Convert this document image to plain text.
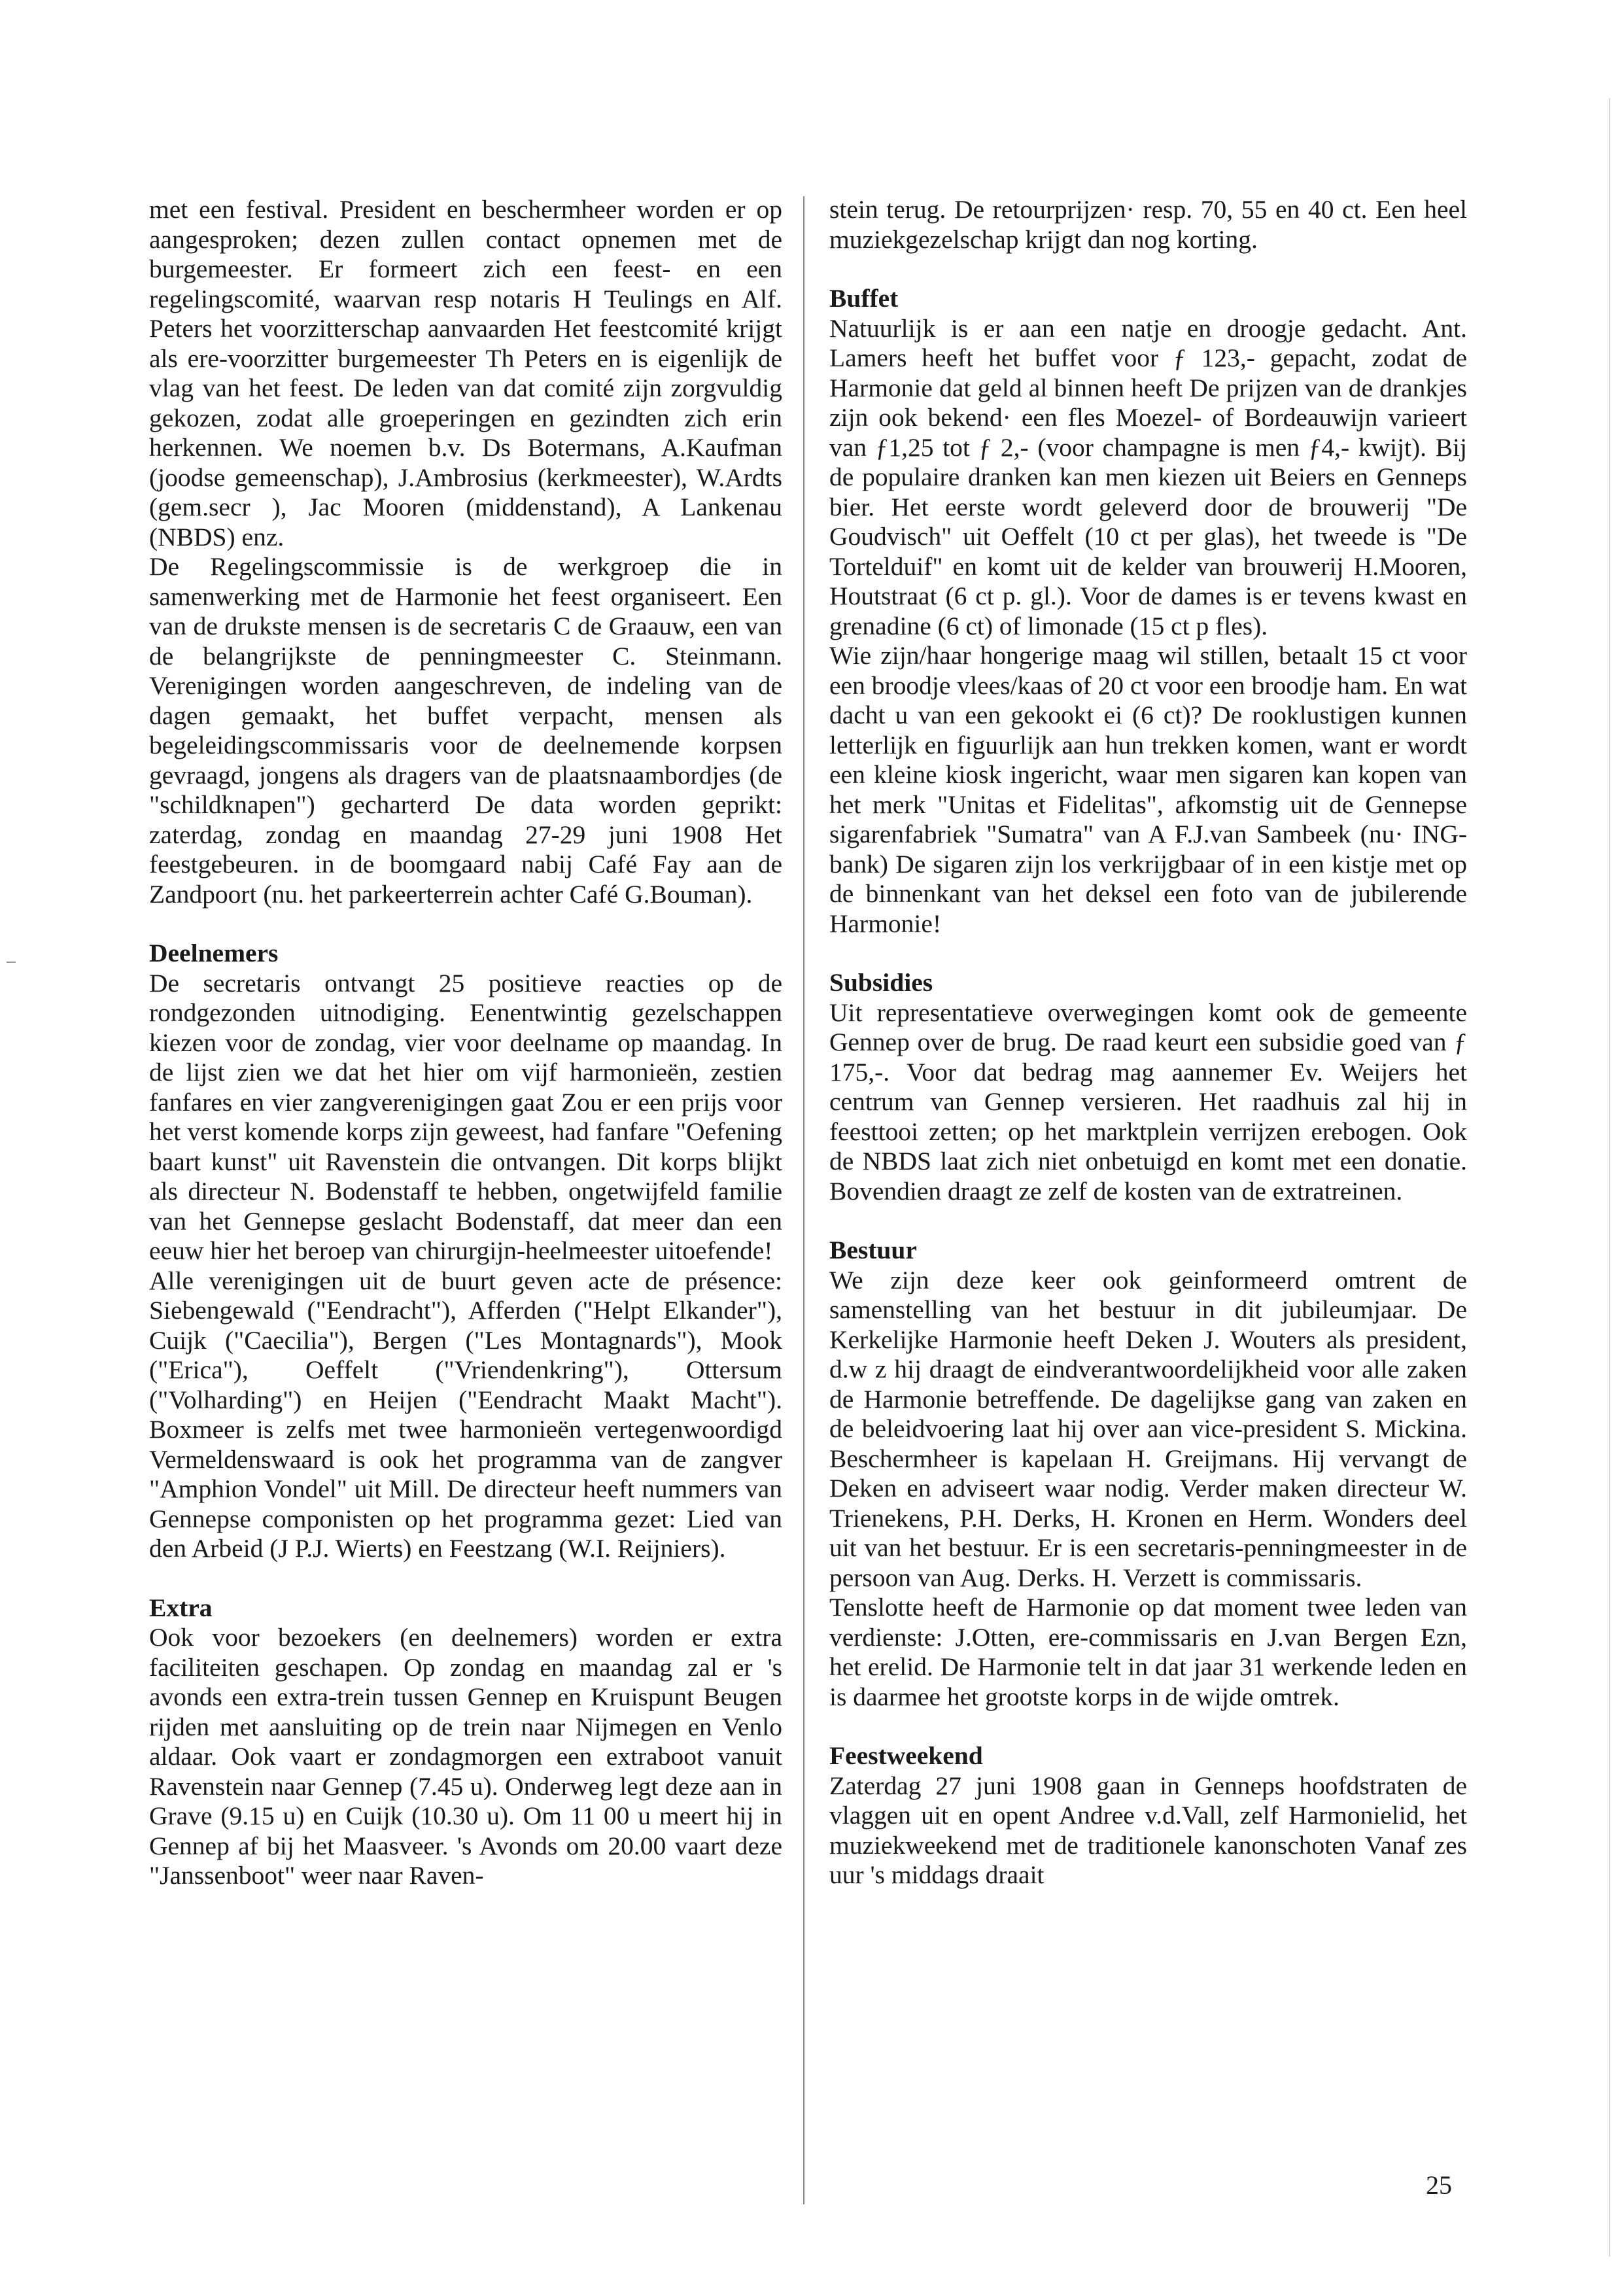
met een festival. President en beschermheer worden er op aangesproken; dezen zullen contact opnemen met de burgemeester. Er formeert zich een feest- en een regelingscomité, waarvan resp notaris H Teulings en Alf. Peters het voorzitterschap aanvaarden Het feestcomité krijgt als ere-voorzitter burgemeester Th Peters en is eigenlijk de vlag van het feest. De leden van dat comité zijn zorgvuldig gekozen, zodat alle groeperingen en gezindten zich erin herkennen. We noemen b.v. Ds Botermans, A.Kaufman (joodse gemeenschap), J.Ambrosius (kerkmeester), W.Ardts (gem.secr ), Jac Mooren (middenstand), A Lankenau (NBDS) enz.

De Regelingscommissie is de werkgroep die in samenwerking met de Harmonie het feest organiseert. Een van de drukste mensen is de secretaris C de Graauw, een van de belangrijkste de penningmeester C. Steinmann. Verenigingen worden aangeschreven, de indeling van de dagen gemaakt, het buffet verpacht, mensen als begeleidingscommissaris voor de deelnemende korpsen gevraagd, jongens als dragers van de plaatsnaambordjes (de "schildknapen") gecharterd De data worden geprikt: zaterdag, zondag en maandag 27-29 juni 1908 Het feestgebeuren. in de boomgaard nabij Café Fay aan de Zandpoort (nu. het parkeerterrein achter Café G.Bouman).

Deelnemers

De secretaris ontvangt 25 positieve reacties op de rondgezonden uitnodiging. Eenentwintig gezelschappen kiezen voor de zondag, vier voor deelname op maandag. In de lijst zien we dat het hier om vijf harmonieën, zestien fanfares en vier zangverenigingen gaat Zou er een prijs voor het verst komende korps zijn geweest, had fanfare "Oefening baart kunst" uit Ravenstein die ontvangen. Dit korps blijkt als directeur N. Bodenstaff te hebben, ongetwijfeld familie van het Gennepse geslacht Bodenstaff, dat meer dan een eeuw hier het beroep van chirurgijn-heelmeester uitoefende!

Alle verenigingen uit de buurt geven acte de présence: Siebengewald ("Eendracht"), Afferden ("Helpt Elkander"), Cuijk ("Caecilia"), Bergen ("Les Montagnards"), Mook ("Erica"), Oeffelt ("Vriendenkring"), Ottersum ("Volharding") en Heijen ("Eendracht Maakt Macht"). Boxmeer is zelfs met twee harmonieën vertegenwoordigd Vermeldenswaard is ook het programma van de zangver "Amphion Vondel" uit Mill. De directeur heeft nummers van Gennepse componisten op het programma gezet: Lied van den Arbeid (J P.J. Wierts) en Feestzang (W.I. Reijniers).

Extra

Ook voor bezoekers (en deelnemers) worden er extra faciliteiten geschapen. Op zondag en maandag zal er 's avonds een extra-trein tussen Gennep en Kruispunt Beugen rijden met aansluiting op de trein naar Nijmegen en Venlo aldaar. Ook vaart er zondagmorgen een extraboot vanuit Ravenstein naar Gennep (7.45 u). Onderweg legt deze aan in Grave (9.15 u) en Cuijk (10.30 u). Om 11 00 u meert hij in Gennep af bij het Maasveer. 's Avonds om 20.00 vaart deze "Janssenboot" weer naar Raven-

stein terug. De retourprijzen· resp. 70, 55 en 40 ct. Een heel muziekgezelschap krijgt dan nog korting.

Buffet

Natuurlijk is er aan een natje en droogje gedacht. Ant. Lamers heeft het buffet voor ƒ 123,- gepacht, zodat de Harmonie dat geld al binnen heeft De prijzen van de drankjes zijn ook bekend· een fles Moezel- of Bordeauwijn varieert van ƒ1,25 tot ƒ 2,- (voor champagne is men ƒ4,- kwijt). Bij de populaire dranken kan men kiezen uit Beiers en Genneps bier. Het eerste wordt geleverd door de brouwerij "De Goudvisch" uit Oeffelt (10 ct per glas), het tweede is "De Tortelduif" en komt uit de kelder van brouwerij H.Mooren, Houtstraat (6 ct p. gl.). Voor de dames is er tevens kwast en grenadine (6 ct) of limonade (15 ct p fles).

Wie zijn/haar hongerige maag wil stillen, betaalt 15 ct voor een broodje vlees/kaas of 20 ct voor een broodje ham. En wat dacht u van een gekookt ei (6 ct)? De rooklustigen kunnen letterlijk en figuurlijk aan hun trekken komen, want er wordt een kleine kiosk ingericht, waar men sigaren kan kopen van het merk "Unitas et Fidelitas", afkomstig uit de Gennepse sigarenfabriek "Sumatra" van A F.J.van Sambeek (nu· ING-bank) De sigaren zijn los verkrijgbaar of in een kistje met op de binnenkant van het deksel een foto van de jubilerende Harmonie!

Subsidies

Uit representatieve overwegingen komt ook de gemeente Gennep over de brug. De raad keurt een subsidie goed van ƒ 175,-. Voor dat bedrag mag aannemer Ev. Weijers het centrum van Gennep versieren. Het raadhuis zal hij in feesttooi zetten; op het marktplein verrijzen erebogen. Ook de NBDS laat zich niet onbetuigd en komt met een donatie. Bovendien draagt ze zelf de kosten van de extratreinen.

Bestuur

We zijn deze keer ook geinformeerd omtrent de samenstelling van het bestuur in dit jubileumjaar. De Kerkelijke Harmonie heeft Deken J. Wouters als president, d.w z hij draagt de eindverantwoordelijkheid voor alle zaken de Harmonie betreffende. De dagelijkse gang van zaken en de beleidvoering laat hij over aan vice-president S. Mickina. Beschermheer is kapelaan H. Greijmans. Hij vervangt de Deken en adviseert waar nodig. Verder maken directeur W. Trienekens, P.H. Derks, H. Kronen en Herm. Wonders deel uit van het bestuur. Er is een secretaris-penningmeester in de persoon van Aug. Derks. H. Verzett is commissaris.

Tenslotte heeft de Harmonie op dat moment twee leden van verdienste: J.Otten, ere-commissaris en J.van Bergen Ezn, het erelid. De Harmonie telt in dat jaar 31 werkende leden en is daarmee het grootste korps in de wijde omtrek.

Feestweekend

Zaterdag 27 juni 1908 gaan in Genneps hoofdstraten de vlaggen uit en opent Andree v.d.Vall, zelf Harmonielid, het muziekweekend met de traditionele kanonschoten Vanaf zes uur 's middags draait

25
